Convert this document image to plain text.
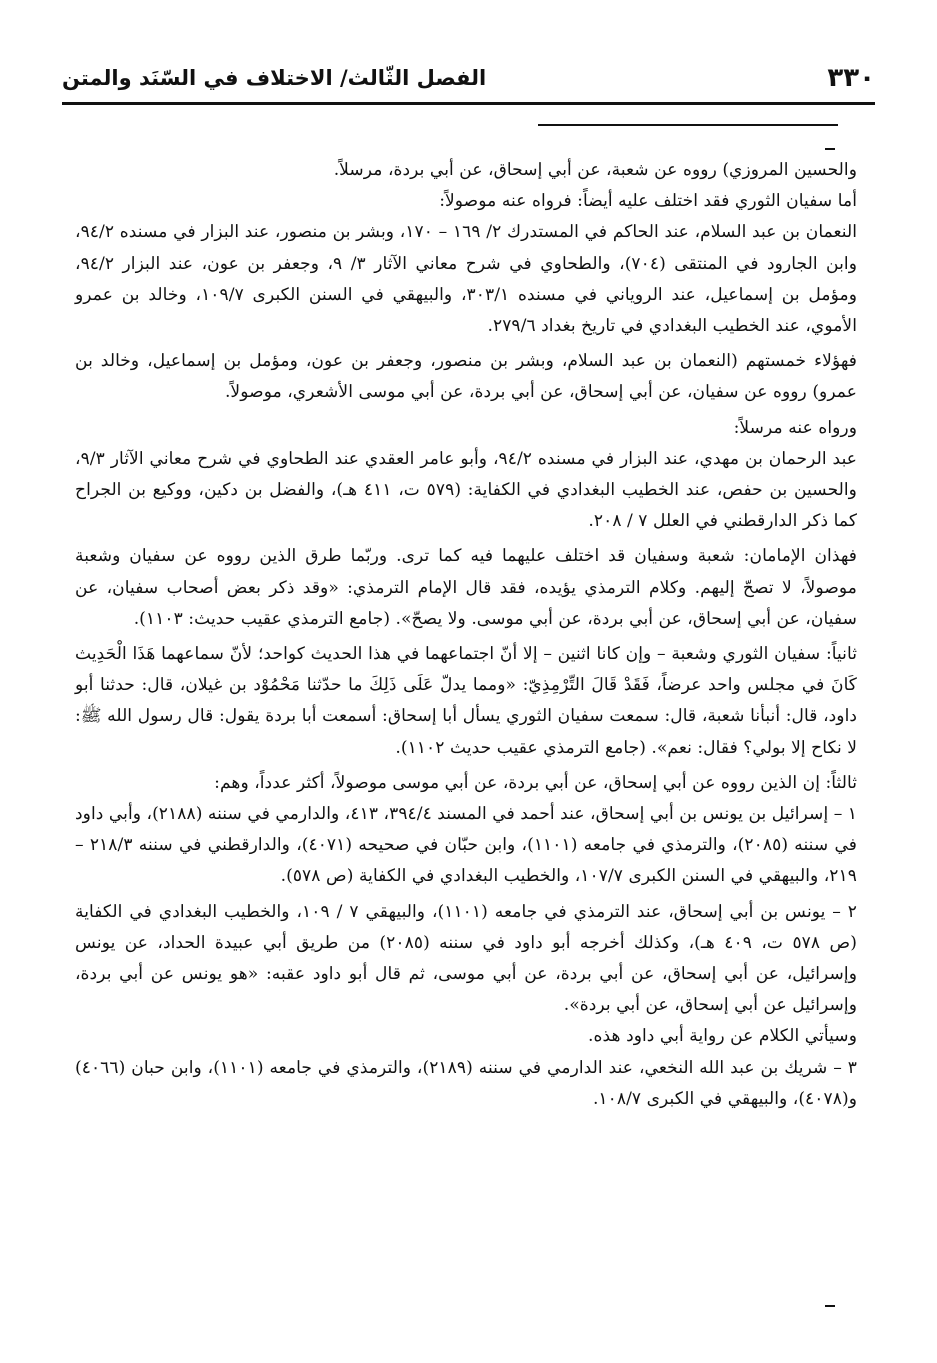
٣٣٠
الفصل الثّالث/ الاختلاف في السّنَد والمتن

والحسين المروزي) رووه عن شعبة، عن أبي إسحاق، عن أبي بردة، مرسلاً.

أما سفيان الثوري فقد اختلف عليه أيضاً: فرواه عنه موصولاً:

النعمان بن عبد السلام، عند الحاكم في المستدرك ٢/ ١٦٩ – ١٧٠، وبشر بن منصور، عند البزار في مسنده ٩٤/٢، وابن الجارود في المنتقى (٧٠٤)، والطحاوي في شرح معاني الآثار ٣/ ٩، وجعفر بن عون، عند البزار ٩٤/٢، ومؤمل بن إسماعيل، عند الروياني في مسنده ٣٠٣/١، والبيهقي في السنن الكبرى ١٠٩/٧، وخالد بن عمرو الأموي، عند الخطيب البغدادي في تاريخ بغداد ٢٧٩/٦.

فهؤلاء خمستهم (النعمان بن عبد السلام، وبشر بن منصور، وجعفر بن عون، ومؤمل بن إسماعيل، وخالد بن عمرو) رووه عن سفيان، عن أبي إسحاق، عن أبي بردة، عن أبي موسى الأشعري، موصولاً.

ورواه عنه مرسلاً:

عبد الرحمان بن مهدي، عند البزار في مسنده ٩٤/٢، وأبو عامر العقدي عند الطحاوي في شرح معاني الآثار ٩/٣، والحسين بن حفص، عند الخطيب البغدادي في الكفاية: (٥٧٩ ت، ٤١١ هـ)، والفضل بن دكين، ووكيع بن الجراح كما ذكر الدارقطني في العلل ٧ / ٢٠٨.

فهذان الإمامان: شعبة وسفيان قد اختلف عليهما فيه كما ترى. وربّما طرق الذين رووه عن سفيان وشعبة موصولاً، لا تصحّ إليهم. وكلام الترمذي يؤيده، فقد قال الإمام الترمذي: «وقد ذكر بعض أصحاب سفيان، عن سفيان، عن أبي إسحاق، عن أبي بردة، عن أبي موسى. ولا يصحّ». (جامع الترمذي عقيب حديث: ١١٠٣).

ثانياً: سفيان الثوري وشعبة – وإن كانا اثنين – إلا أنّ اجتماعهما في هذا الحديث كواحد؛ لأنّ سماعهما هَذَا الْحَدِيث كَانَ في مجلس واحد عرضاً، فَقَدْ قَالَ التِّرْمِذِيّ: «ومما يدلّ عَلَى ذَلِكَ ما حدّثنا مَحْمُوْد بن غيلان، قال: حدثنا أبو داود، قال: أنبأنا شعبة، قال: سمعت سفيان الثوري يسأل أبا إسحاق: أسمعت أبا بردة يقول: قال رسول الله ﷺ: لا نكاح إلا بولي؟ فقال: نعم». (جامع الترمذي عقيب حديث ١١٠٢).

ثالثاً: إن الذين رووه عن أبي إسحاق، عن أبي بردة، عن أبي موسى موصولاً، أكثر عدداً، وهم:

١ – إسرائيل بن يونس بن أبي إسحاق، عند أحمد في المسند ٣٩٤/٤، ٤١٣، والدارمي في سننه (٢١٨٨)، وأبي داود في سننه (٢٠٨٥)، والترمذي في جامعه (١١٠١)، وابن حبّان في صحيحه (٤٠٧١)، والدارقطني في سننه ٢١٨/٣ – ٢١٩، والبيهقي في السنن الكبرى ١٠٧/٧، والخطيب البغدادي في الكفاية (ص ٥٧٨).

٢ – يونس بن أبي إسحاق، عند الترمذي في جامعه (١١٠١)، والبيهقي ٧ / ١٠٩، والخطيب البغدادي في الكفاية (ص ٥٧٨ ت، ٤٠٩ هـ)، وكذلك أخرجه أبو داود في سننه (٢٠٨٥) من طريق أبي عبيدة الحداد، عن يونس وإسرائيل، عن أبي إسحاق، عن أبي بردة، عن أبي موسى، ثم قال أبو داود عقبه: «هو يونس عن أبي بردة، وإسرائيل عن أبي إسحاق، عن أبي بردة».

وسيأتي الكلام عن رواية أبي داود هذه.

٣ – شريك بن عبد الله النخعي، عند الدارمي في سننه (٢١٨٩)، والترمذي في جامعه (١١٠١)، وابن حبان (٤٠٦٦) و(٤٠٧٨)، والبيهقي في الكبرى ١٠٨/٧.
